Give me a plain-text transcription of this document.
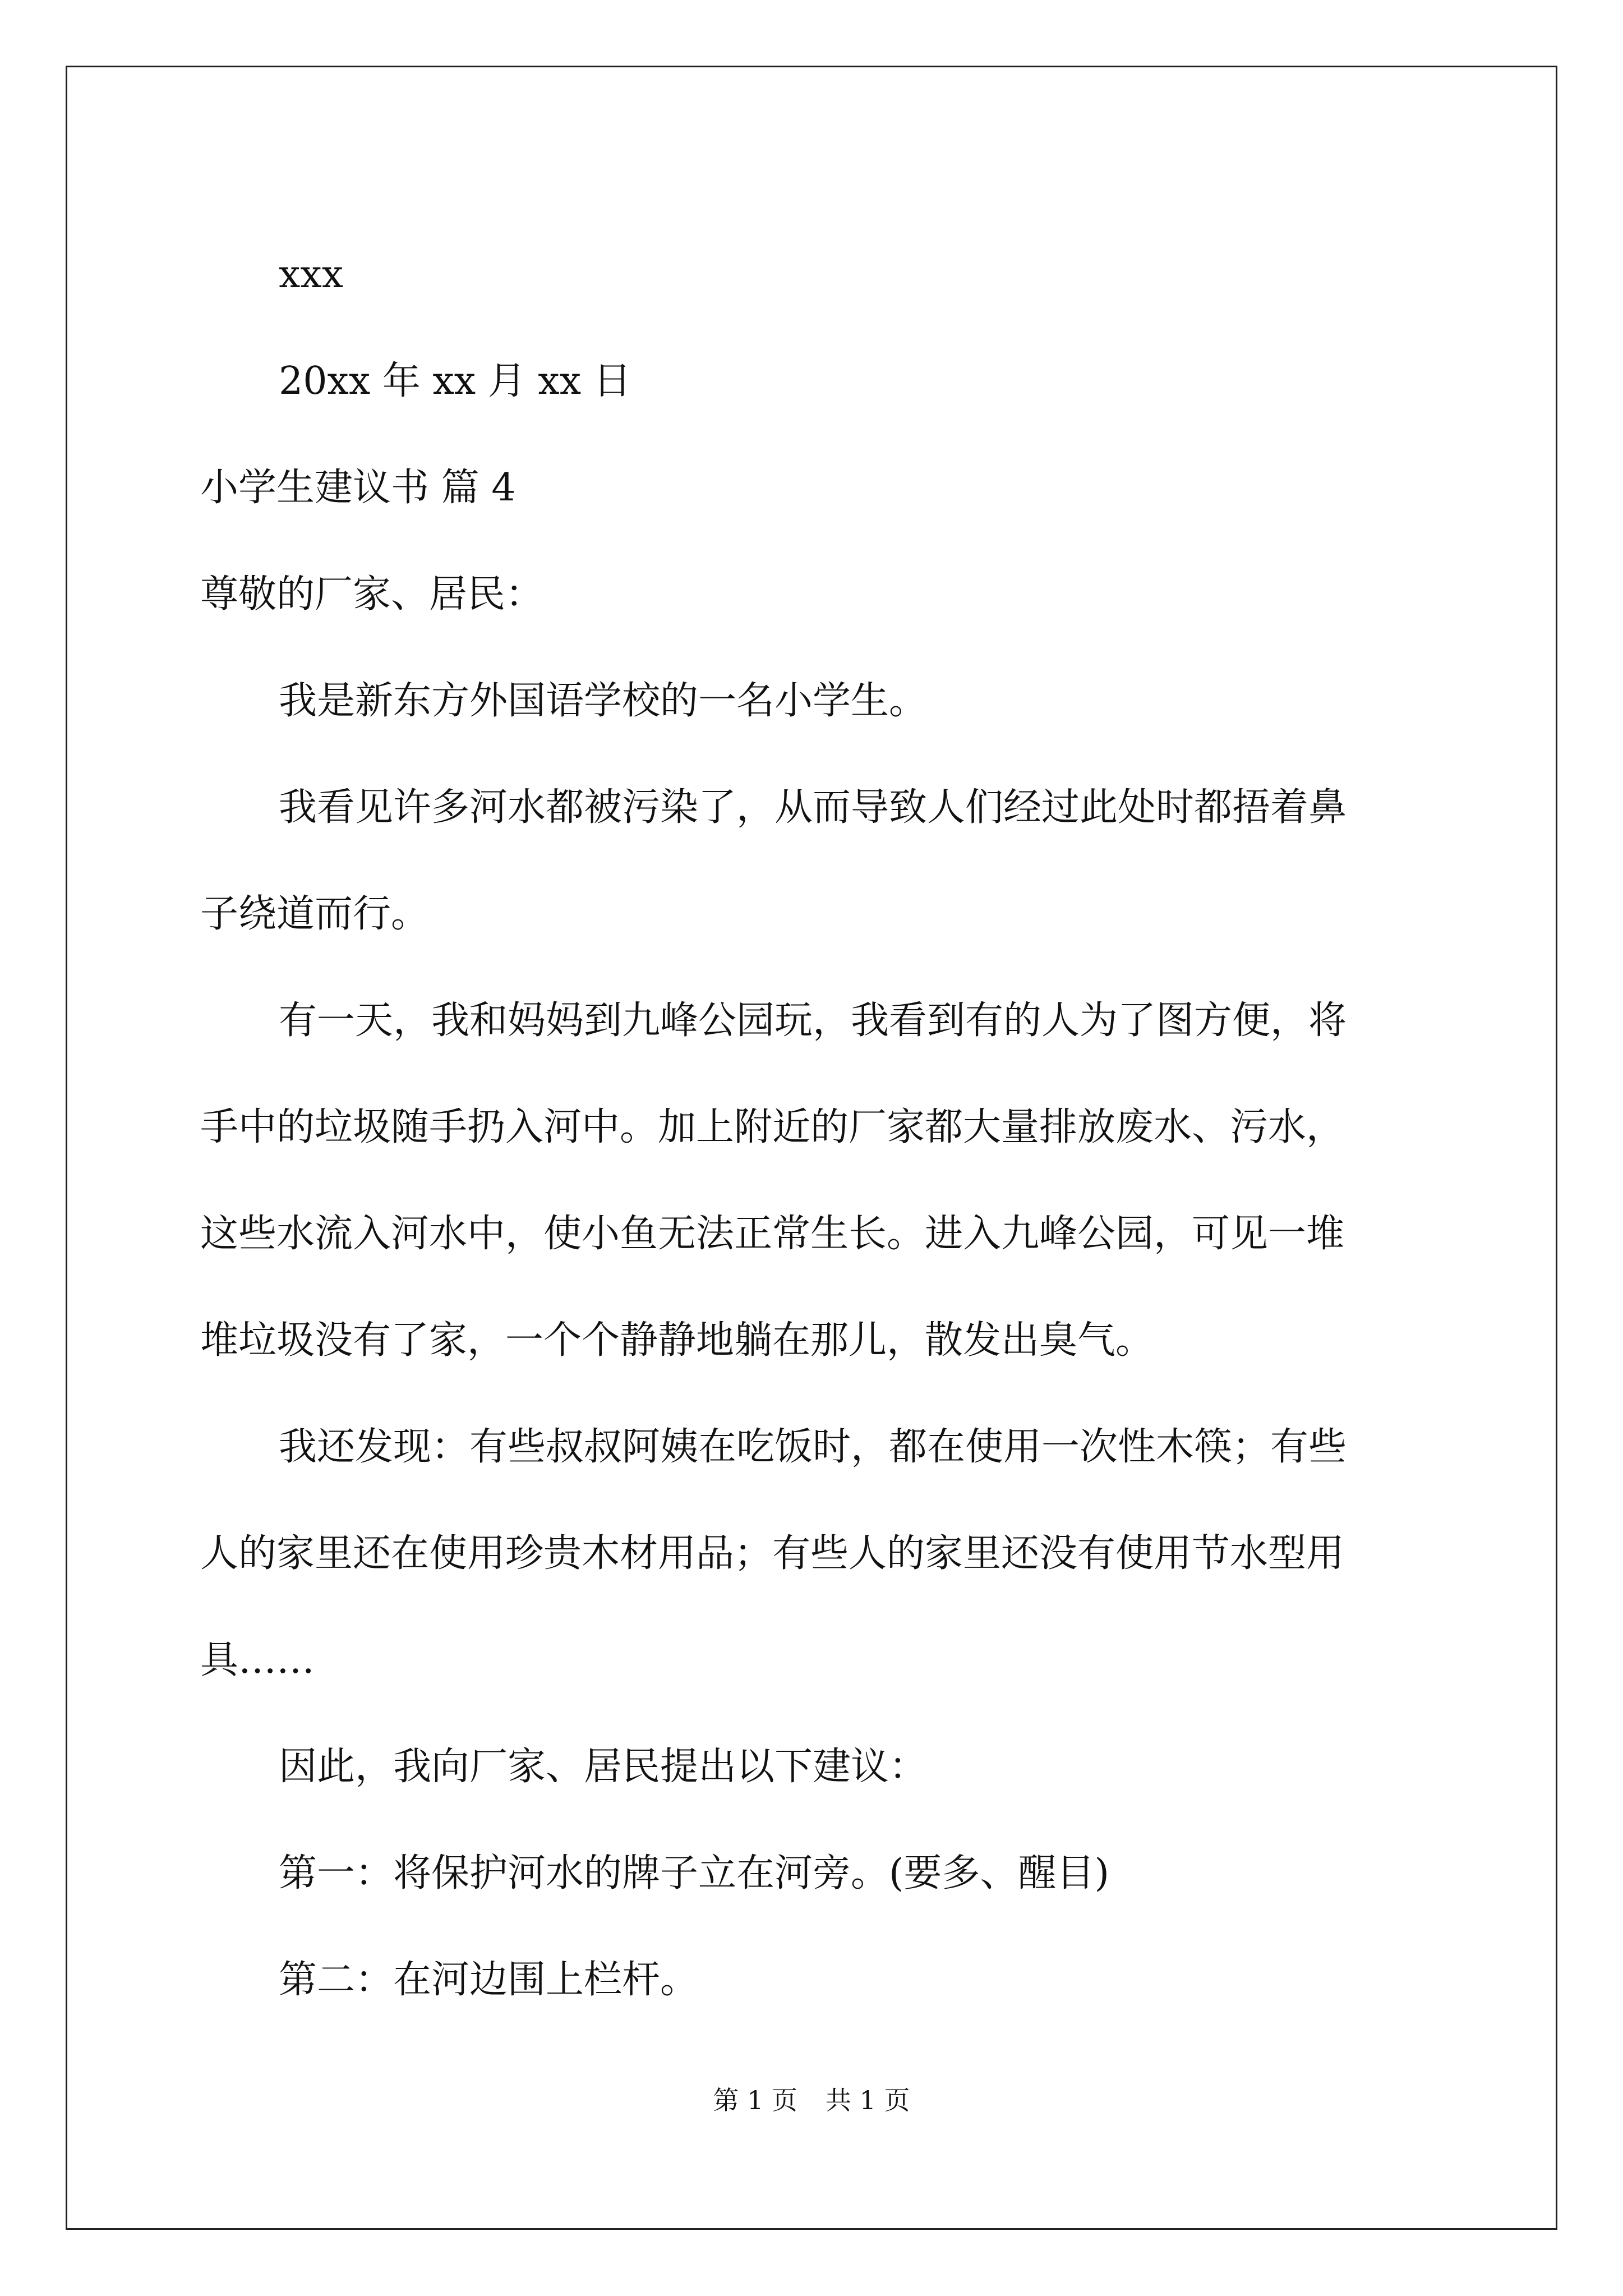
xxx
20xx 年 xx 月 xx 日
小学生建议书 篇 4
尊敬的厂家、居民：
我是新东方外国语学校的一名小学生。
我看见许多河水都被污染了，从而导致人们经过此处时都捂着鼻
子绕道而行。
有一天，我和妈妈到九峰公园玩，我看到有的人为了图方便，将
手中的垃圾随手扔入河中。加上附近的厂家都大量排放废水、污水，
这些水流入河水中，使小鱼无法正常生长。进入九峰公园，可见一堆
堆垃圾没有了家，一个个静静地躺在那儿，散发出臭气。
我还发现：有些叔叔阿姨在吃饭时，都在使用一次性木筷；有些
人的家里还在使用珍贵木材用品；有些人的家里还没有使用节水型用
具……
因此，我向厂家、居民提出以下建议：
第一：将保护河水的牌子立在河旁。(要多、醒目)
第二：在河边围上栏杆。
第 1 页 共 1 页
